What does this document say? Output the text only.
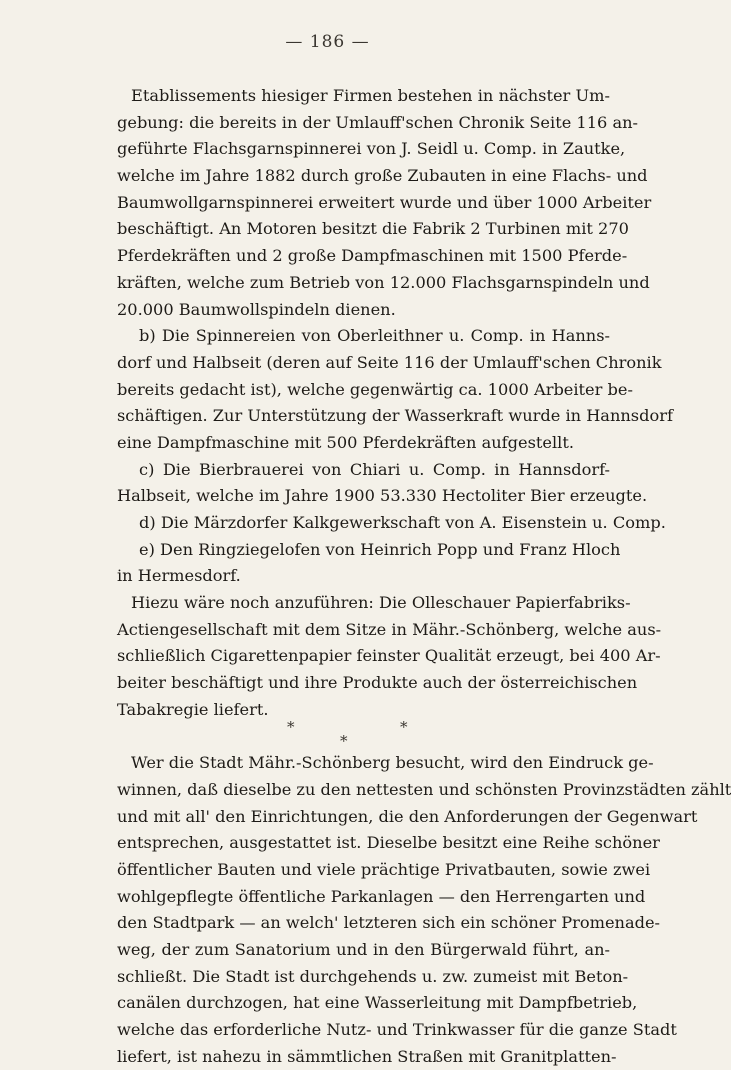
— 186 —
Etablissements hiesiger Firmen bestehen in nächster Um-
gebung: die bereits in der Umlauff'schen Chronik Seite 116 an-
geführte Flachsgarnspinnerei von J. Seidl u. Comp. in Zautke,
welche im Jahre 1882 durch große Zubauten in eine Flachs- und
Baumwollgarnspinnerei erweitert wurde und über 1000 Arbeiter
beschäftigt. An Motoren besitzt die Fabrik 2 Turbinen mit 270
Pferdekräften und 2 große Dampfmaschinen mit 1500 Pferde-
kräften, welche zum Betrieb von 12.000 Flachsgarnspindeln und
20.000 Baumwollspindeln dienen.
b) Die Spinnereien von Oberleithner u. Comp. in Hanns-
dorf und Halbseit (deren auf Seite 116 der Umlauff'schen Chronik
bereits gedacht ist), welche gegenwärtig ca. 1000 Arbeiter be-
schäftigen. Zur Unterstützung der Wasserkraft wurde in Hannsdorf
eine Dampfmaschine mit 500 Pferdekräften aufgestellt.
c) Die Bierbrauerei von Chiari u. Comp. in Hannsdorf-
Halbseit, welche im Jahre 1900 53.330 Hectoliter Bier erzeugte.
d) Die Märzdorfer Kalkgewerkschaft von A. Eisenstein u. Comp.
e) Den Ringziegelofen von Heinrich Popp und Franz Hloch
in Hermesdorf.
Hiezu wäre noch anzuführen: Die Olleschauer Papierfabriks-
Actiengesellschaft mit dem Sitze in Mähr.-Schönberg, welche aus-
schließlich Cigarettenpapier feinster Qualität erzeugt, bei 400 Ar-
beiter beschäftigt und ihre Produkte auch der österreichischen
Tabakregie liefert.
*	*
*
Wer die Stadt Mähr.-Schönberg besucht, wird den Eindruck ge-
winnen, daß dieselbe zu den nettesten und schönsten Provinzstädten zählt
und mit all' den Einrichtungen, die den Anforderungen der Gegenwart
entsprechen, ausgestattet ist. Dieselbe besitzt eine Reihe schöner
öffentlicher Bauten und viele prächtige Privatbauten, sowie zwei
wohlgepflegte öffentliche Parkanlagen — den Herrengarten und
den Stadtpark — an welch' letzteren sich ein schöner Promenade-
weg, der zum Sanatorium und in den Bürgerwald führt, an-
schließt. Die Stadt ist durchgehends u. zw. zumeist mit Beton-
canälen durchzogen, hat eine Wasserleitung mit Dampfbetrieb,
welche das erforderliche Nutz- und Trinkwasser für die ganze Stadt
liefert, ist nahezu in sämmtlichen Straßen mit Granitplatten-
